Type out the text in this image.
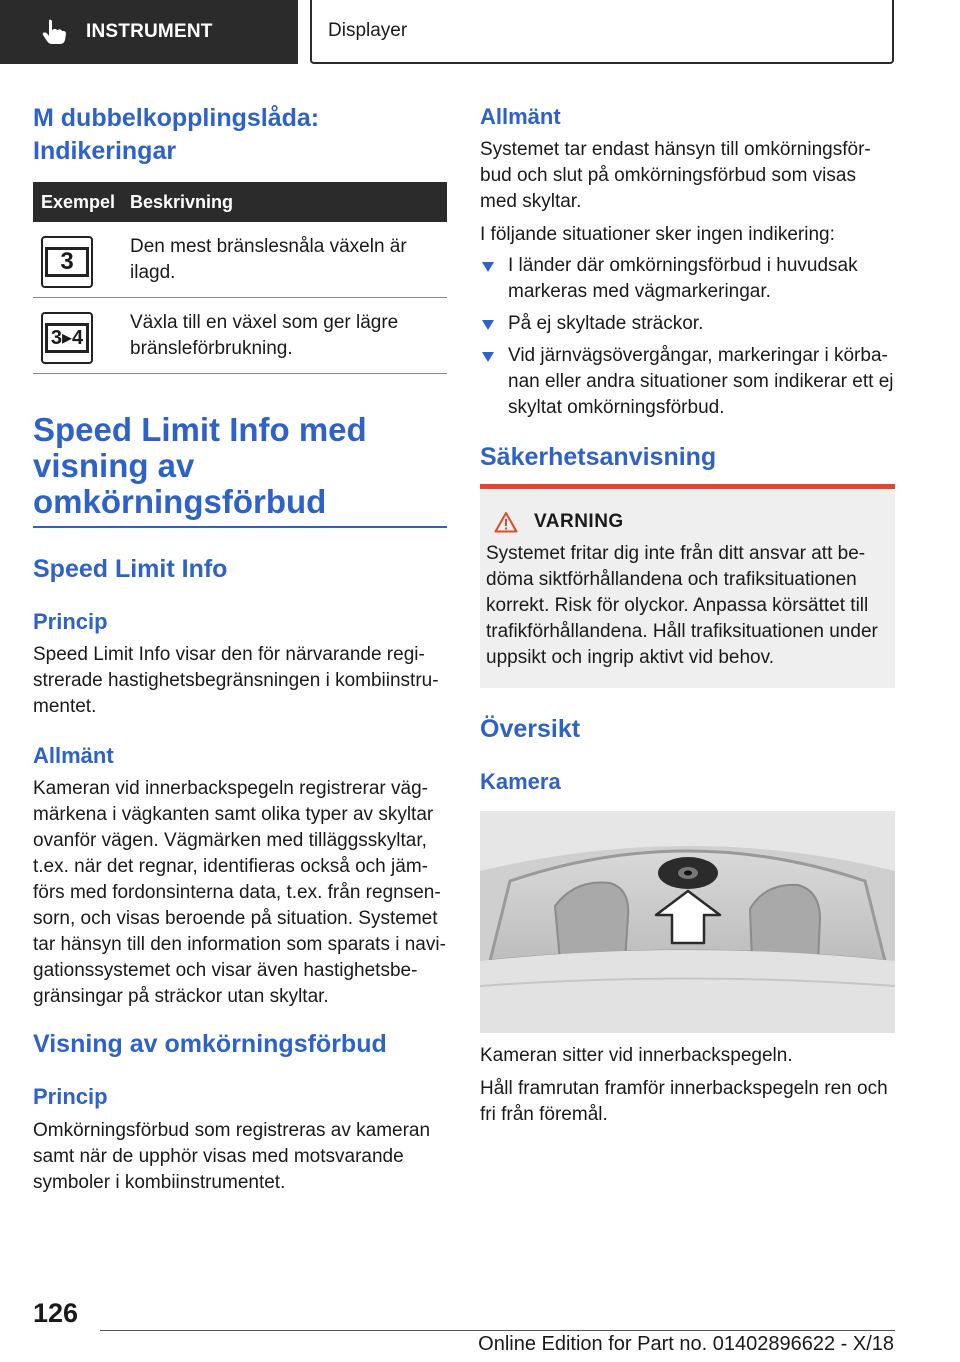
INSTRUMENT	Displayer
M dubbelkopplingslåda: Indikeringar
Exempel Beskrivning
3

Den mest bränslesnåla växeln är ilagd.

3▸4

Växla till en växel som ger lägre bränsleförbrukning.

Speed Limit Info med visning av omkörningsförbud
Speed Limit Info
Princip

Speed Limit Info visar den för närvarande registrerade hastighetsbegränsningen i kombiinstrumentet.

Allmänt

Kameran vid innerbackspegeln registrerar vägmärkena i vägkanten samt olika typer av skyltar ovanför vägen. Vägmärken med tilläggsskyltar, t.ex. när det regnar, identifieras också och jämförs med fordonsinterna data, t.ex. från regnsensorn, och visas beroende på situation. Systemet tar hänsyn till den information som sparats i navigationssystemet och visar även hastighetsbegränsingar på sträckor utan skyltar.

Visning av omkörningsförbud
Princip

Omkörningsförbud som registreras av kameran samt när de upphör visas med motsvarande symboler i kombiinstrumentet.

Allmänt

Systemet tar endast hänsyn till omkörningsförbud och slut på omkörningsförbud som visas med skyltar.

I följande situationer sker ingen indikering:

I länder där omkörningsförbud i huvudsak markeras med vägmarkeringar.
På ej skyltade sträckor.
Vid järnvägsövergångar, markeringar i körbanan eller andra situationer som indikerar ett ej skyltat omkörningsförbud.
Säkerhetsanvisning
VARNING

Systemet fritar dig inte från ditt ansvar att bedöma siktförhållandena och trafiksituationen korrekt. Risk för olyckor. Anpassa körsättet till trafikförhållandena. Håll trafiksituationen under uppsikt och ingrip aktivt vid behov.

Översikt
Kamera

Kameran sitter vid innerbackspegeln.

Håll framrutan framför innerbackspegeln ren och fri från föremål.

126
Online Edition for Part no. 01402896622 - X/18
